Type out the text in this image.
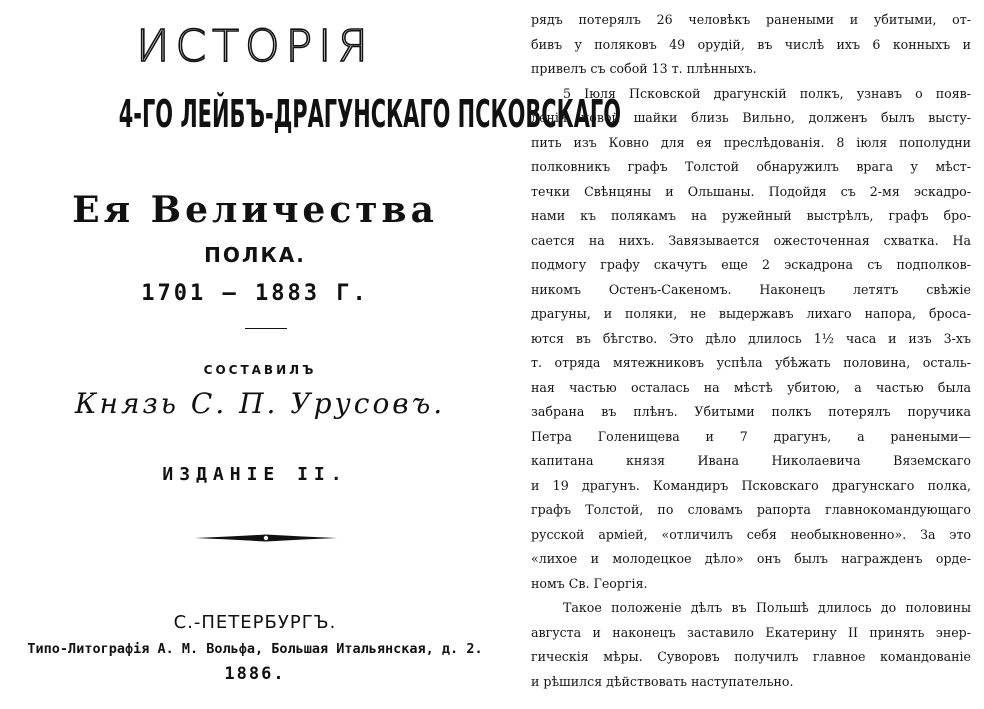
ИСТОРІЯ
4-ГО ЛЕЙБЪ-ДРАГУНСКАГО ПСКОВСКАГО
Ея Величества
ПОЛКА.
1701 — 1883 Г.
СОСТАВИЛЪ
Князь С. П. Урусовъ.
ИЗДАНІЕ II.
С.-ПЕТЕРБУРГЪ.
Типо-Литографія А. М. Вольфа, Большая Итальянская, д. 2.
1886.
рядъ потерялъ 26 человѣкъ ранеными и убитыми, от-
бивъ у поляковъ 49 орудій, въ числѣ ихъ 6 конныхъ и
привелъ съ собой 13 т. плѣнныхъ.
5 Іюля Псковской драгунскій полкъ, узнавъ о появ-
леніи новой шайки близь Вильно, долженъ былъ высту-
пить изъ Ковно для ея преслѣдованія. 8 іюля пополудни
полковникъ графъ Толстой обнаружилъ врага у мѣст-
течки Свѣнцяны и Ольшаны. Подойдя съ 2-мя эскадро-
нами къ полякамъ на ружейный выстрѣлъ, графъ бро-
сается на нихъ. Завязывается ожесточенная схватка. На
подмогу графу скачутъ еще 2 эскадрона съ подполков-
никомъ Остенъ-Сакеномъ. Наконецъ летятъ свѣжіе
драгуны, и поляки, не выдержавъ лихаго напора, броса-
ются въ бѣгство. Это дѣло длилось 1½ часа и изъ 3-хъ
т. отряда мятежниковъ успѣла убѣжать половина, осталь-
ная частью осталась на мѣстѣ убитою, а частью была
забрана въ плѣнъ. Убитыми полкъ потерялъ поручика
Петра Голенищева и 7 драгунъ, а ранеными—
капитана князя Ивана Николаевича Вяземскаго
и 19 драгунъ. Командиръ Псковскаго драгунскаго полка,
графъ Толстой, по словамъ рапорта главнокомандующаго
русской арміей, «отличилъ себя необыкновенно». За это
«лихое и молодецкое дѣло» онъ былъ награжденъ орде-
номъ Св. Георгія.
Такое положеніе дѣлъ въ Польшѣ длилось до половины
августа и наконецъ заставило Екатерину II принять энер-
гическія мѣры. Суворовъ получилъ главное командованіе
и рѣшился дѣйствовать наступательно.
